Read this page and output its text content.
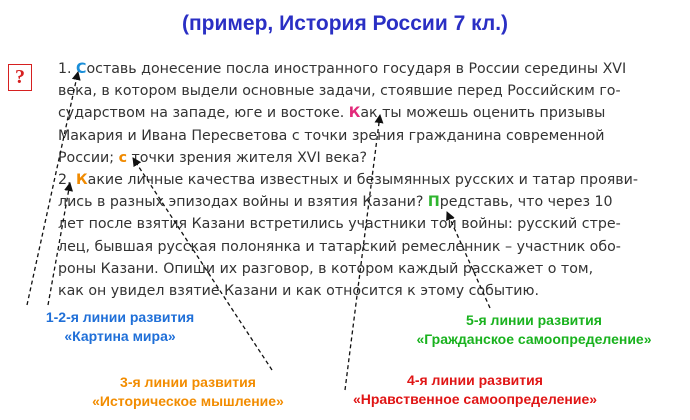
(пример, История России 7 кл.)
?	1. Составь донесение посла иностранного государя в России середины XVI
века, в котором выдели основные задачи, стоявшие перед Российским го-
сударством на западе, юге и востоке. Как ты можешь оценить призывы
Макария и Ивана Пересветова с точки зрения гражданина современной
России; с точки зрения жителя XVI века?
2. Какие личные качества известных и безымянных русских и татар прояви-
лись в разных эпизодах войны и взятия Казани? Представь, что через 10
лет после взятия Казани встретились участники той войны: русский стре-
лец, бывшая русская полонянка и татарский ремесленник – участник обо-
роны Казани. Опиши их разговор, в котором каждый расскажет о том,
как он увидел взятие Казани и как относится к этому событию.
1-2-я линии развития
«Картина мира»
3-я линии развития
«Историческое мышление»
4-я линии развития
«Нравственное самоопределение»
5-я линии развития
«Гражданское самоопределение»
